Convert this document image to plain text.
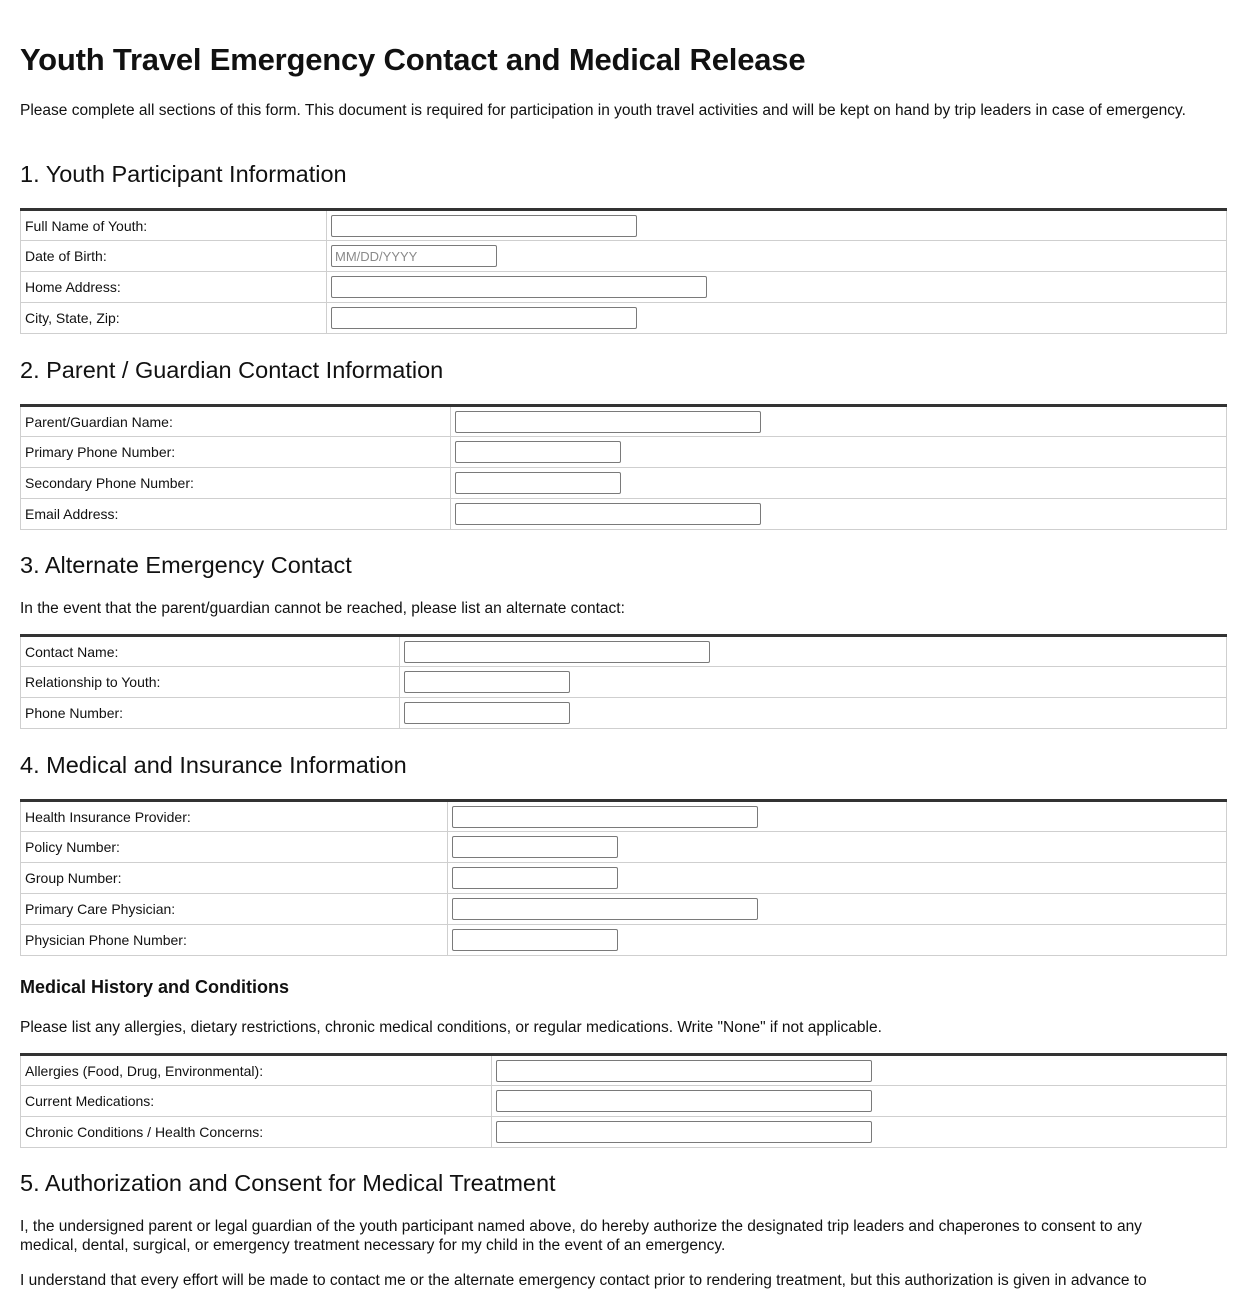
Youth Travel Emergency Contact and Medical Release

Please complete all sections of this form. This document is required for participation in youth travel activities and will be kept on hand by trip leaders in case of emergency.

1. Youth Participant Information
Full Name of Youth:	

Date of Birth:	
MM/DD/YYYY
Home Address:	

City, State, Zip:	
2. Parent / Guardian Contact Information
Parent/Guardian Name:	

Primary Phone Number:	

Secondary Phone Number:	

Email Address:	
3. Alternate Emergency Contact

In the event that the parent/guardian cannot be reached, please list an alternate contact:

Contact Name:	

Relationship to Youth:	

Phone Number:	
4. Medical and Insurance Information
Health Insurance Provider:	

Policy Number:	

Group Number:	

Primary Care Physician:	

Physician Phone Number:	
Medical History and Conditions

Please list any allergies, dietary restrictions, chronic medical conditions, or regular medications. Write "None" if not applicable.

Allergies (Food, Drug, Environmental):	

Current Medications:	

Chronic Conditions / Health Concerns:	
5. Authorization and Consent for Medical Treatment

I, the undersigned parent or legal guardian of the youth participant named above, do hereby authorize the designated trip leaders and chaperones to consent to any medical, dental, surgical, or emergency treatment necessary for my child in the event of an emergency.

I understand that every effort will be made to contact me or the alternate emergency contact prior to rendering treatment, but this authorization is given in advance to
